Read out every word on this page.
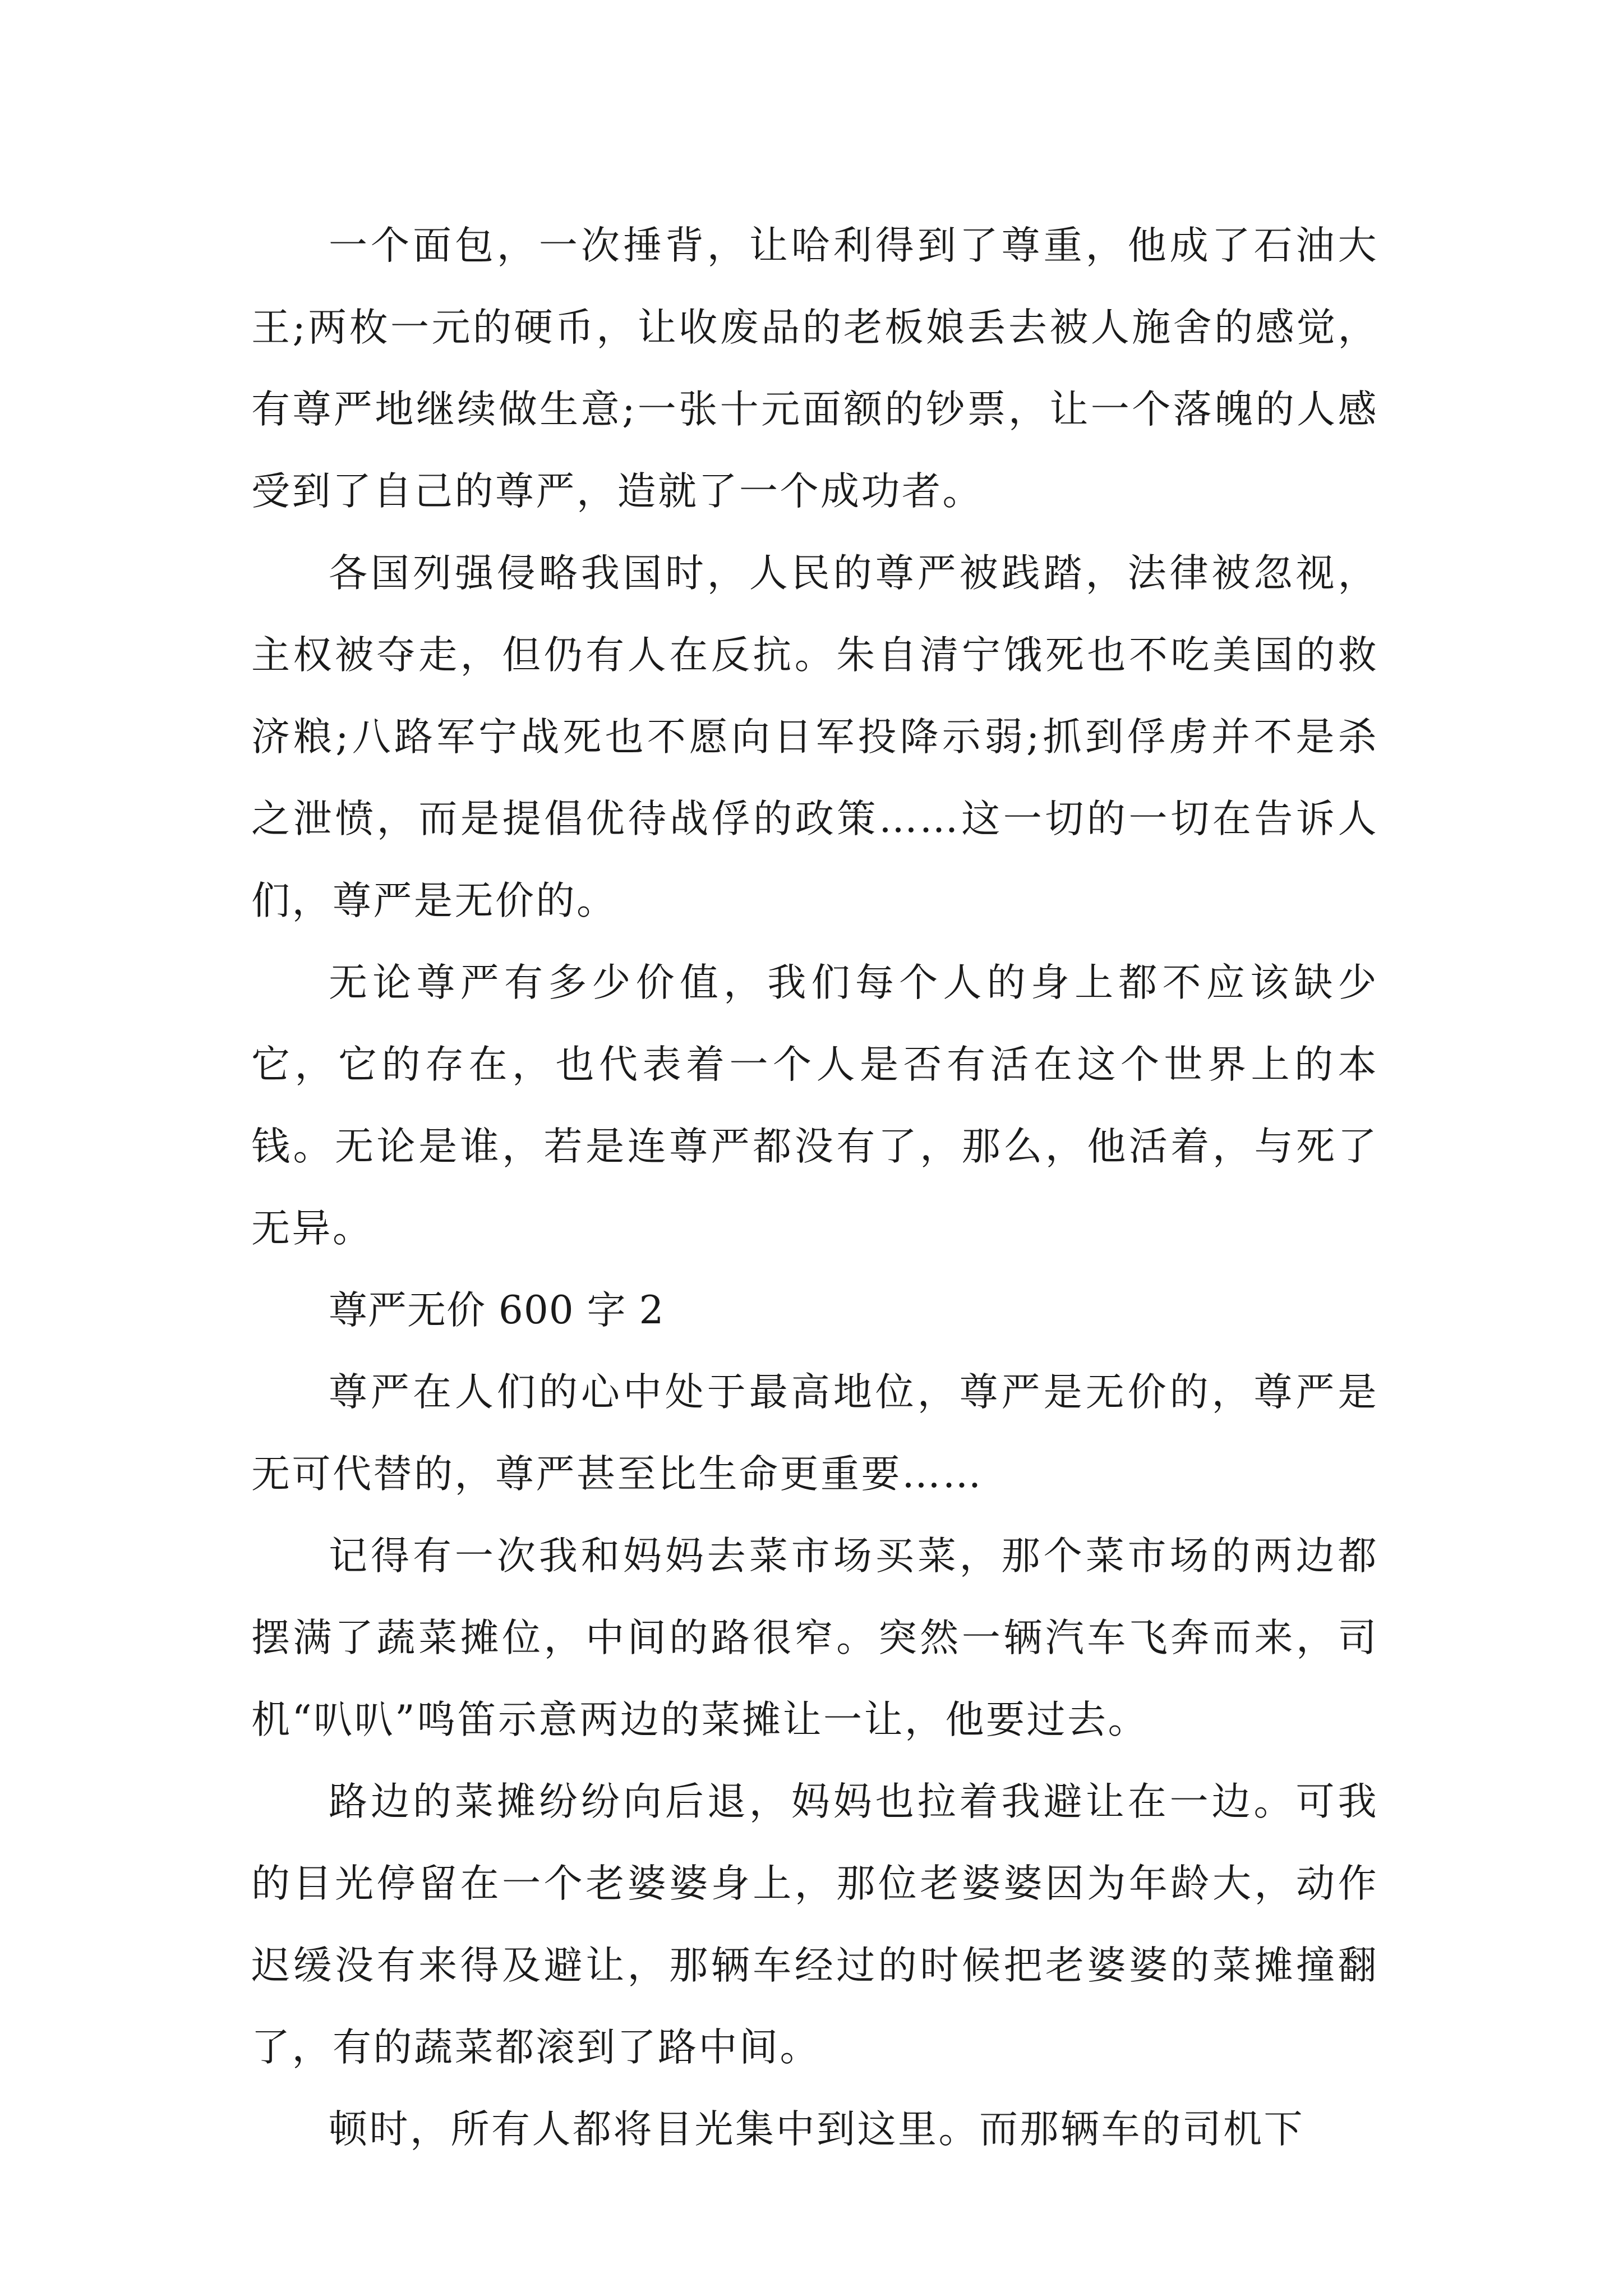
一个面包，一次捶背，让哈利得到了尊重，他成了石油大王;两枚一元的硬币，让收废品的老板娘丢去被人施舍的感觉，有尊严地继续做生意;一张十元面额的钞票，让一个落魄的人感受到了自己的尊严，造就了一个成功者。

各国列强侵略我国时，人民的尊严被践踏，法律被忽视，主权被夺走，但仍有人在反抗。朱自清宁饿死也不吃美国的救济粮;八路军宁战死也不愿向日军投降示弱;抓到俘虏并不是杀之泄愤，而是提倡优待战俘的政策……这一切的一切在告诉人们，尊严是无价的。

无论尊严有多少价值，我们每个人的身上都不应该缺少它，它的存在，也代表着一个人是否有活在这个世界上的本钱。无论是谁，若是连尊严都没有了，那么，他活着，与死了无异。

尊严无价 600 字 2

尊严在人们的心中处于最高地位，尊严是无价的，尊严是无可代替的，尊严甚至比生命更重要……

记得有一次我和妈妈去菜市场买菜，那个菜市场的两边都摆满了蔬菜摊位，中间的路很窄。突然一辆汽车飞奔而来，司机“叭叭”鸣笛示意两边的菜摊让一让，他要过去。

路边的菜摊纷纷向后退，妈妈也拉着我避让在一边。可我的目光停留在一个老婆婆身上，那位老婆婆因为年龄大，动作迟缓没有来得及避让，那辆车经过的时候把老婆婆的菜摊撞翻了，有的蔬菜都滚到了路中间。

顿时，所有人都将目光集中到这里。而那辆车的司机下
